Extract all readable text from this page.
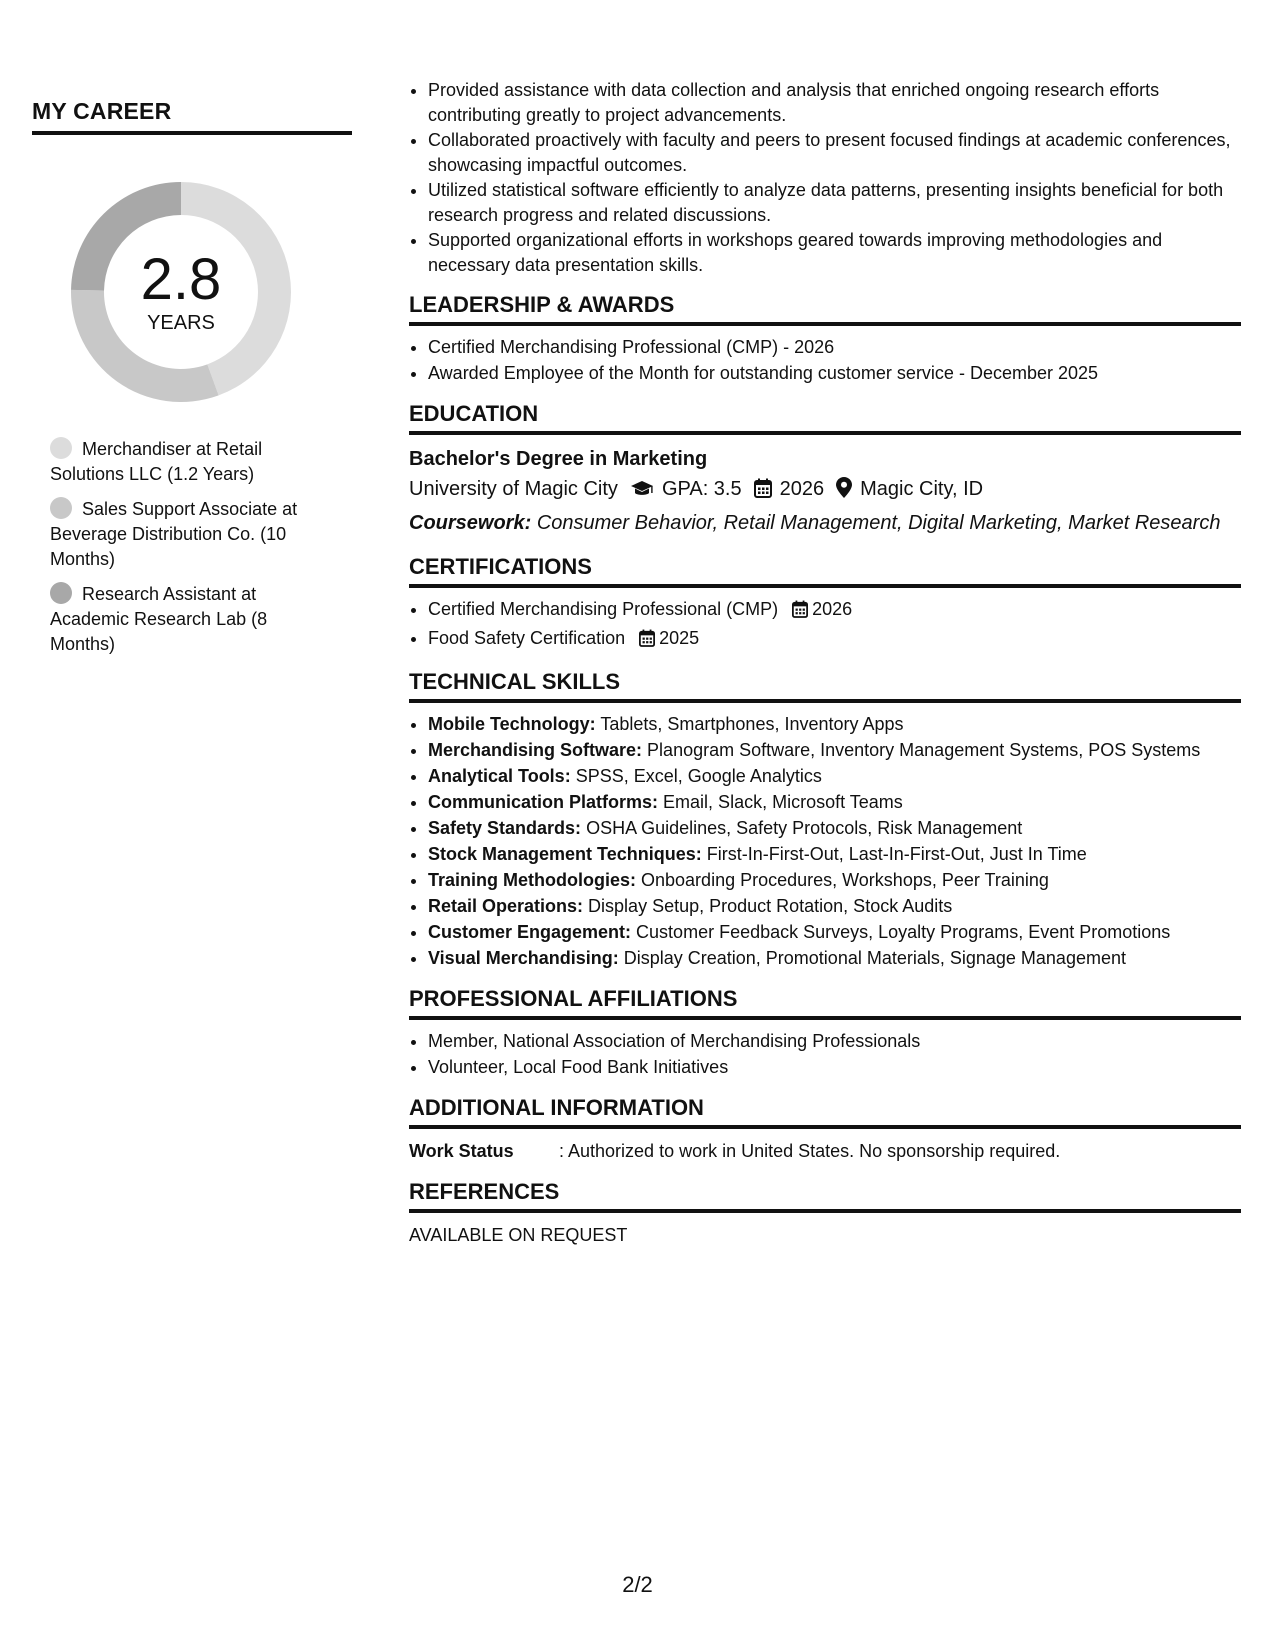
MY CAREER
2.8
YEARS
Merchandiser at Retail Solutions LLC (1.2 Years)
Sales Support Associate at Beverage Distribution Co. (10 Months)
Research Assistant at Academic Research Lab (8 Months)
• Provided assistance with data collection and analysis that enriched ongoing research efforts contributing greatly to project advancements.
• Collaborated proactively with faculty and peers to present focused findings at academic conferences, showcasing impactful outcomes.
• Utilized statistical software efficiently to analyze data patterns, presenting insights beneficial for both research progress and related discussions.
• Supported organizational efforts in workshops geared towards improving methodologies and necessary data presentation skills.
LEADERSHIP & AWARDS
• Certified Merchandising Professional (CMP) - 2026
• Awarded Employee of the Month for outstanding customer service - December 2025
EDUCATION
Bachelor's Degree in Marketing
University of Magic City GPA: 3.5 2026 Magic City, ID
Coursework: Consumer Behavior, Retail Management, Digital Marketing, Market Research
CERTIFICATIONS
• Certified Merchandising Professional (CMP) 2026
• Food Safety Certification 2025
TECHNICAL SKILLS
• Mobile Technology: Tablets, Smartphones, Inventory Apps
• Merchandising Software: Planogram Software, Inventory Management Systems, POS Systems
• Analytical Tools: SPSS, Excel, Google Analytics
• Communication Platforms: Email, Slack, Microsoft Teams
• Safety Standards: OSHA Guidelines, Safety Protocols, Risk Management
• Stock Management Techniques: First-In-First-Out, Last-In-First-Out, Just In Time
• Training Methodologies: Onboarding Procedures, Workshops, Peer Training
• Retail Operations: Display Setup, Product Rotation, Stock Audits
• Customer Engagement: Customer Feedback Surveys, Loyalty Programs, Event Promotions
• Visual Merchandising: Display Creation, Promotional Materials, Signage Management
PROFESSIONAL AFFILIATIONS
• Member, National Association of Merchandising Professionals
• Volunteer, Local Food Bank Initiatives
ADDITIONAL INFORMATION
Work Status	: Authorized to work in United States. No sponsorship required.
REFERENCES
AVAILABLE ON REQUEST
2/2
